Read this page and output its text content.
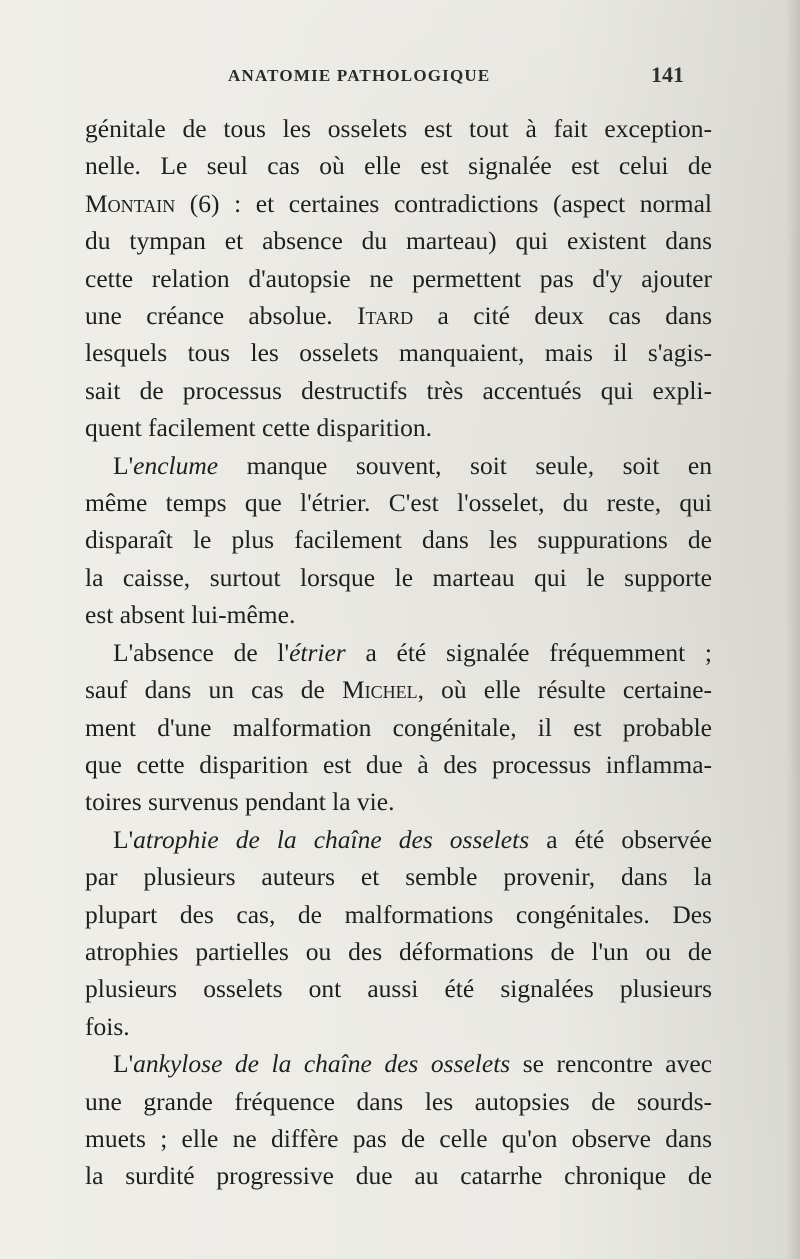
ANATOMIE PATHOLOGIQUE	141

génitale de tous les osselets est tout à fait exception-
nelle. Le seul cas où elle est signalée est celui de
Montain (6) : et certaines contradictions (aspect normal
du tympan et absence du marteau) qui existent dans
cette relation d'autopsie ne permettent pas d'y ajouter
une créance absolue. Itard a cité deux cas dans
lesquels tous les osselets manquaient, mais il s'agis-
sait de processus destructifs très accentués qui expli-
quent facilement cette disparition.

L'enclume manque souvent, soit seule, soit en
même temps que l'étrier. C'est l'osselet, du reste, qui
disparaît le plus facilement dans les suppurations de
la caisse, surtout lorsque le marteau qui le supporte
est absent lui-même.

L'absence de l'étrier a été signalée fréquemment ;
sauf dans un cas de Michel, où elle résulte certaine-
ment d'une malformation congénitale, il est probable
que cette disparition est due à des processus inflamma-
toires survenus pendant la vie.

L'atrophie de la chaîne des osselets a été observée
par plusieurs auteurs et semble provenir, dans la
plupart des cas, de malformations congénitales. Des
atrophies partielles ou des déformations de l'un ou de
plusieurs osselets ont aussi été signalées plusieurs
fois.

L'ankylose de la chaîne des osselets se rencontre avec
une grande fréquence dans les autopsies de sourds-
muets ; elle ne diffère pas de celle qu'on observe dans
la surdité progressive due au catarrhe chronique de
